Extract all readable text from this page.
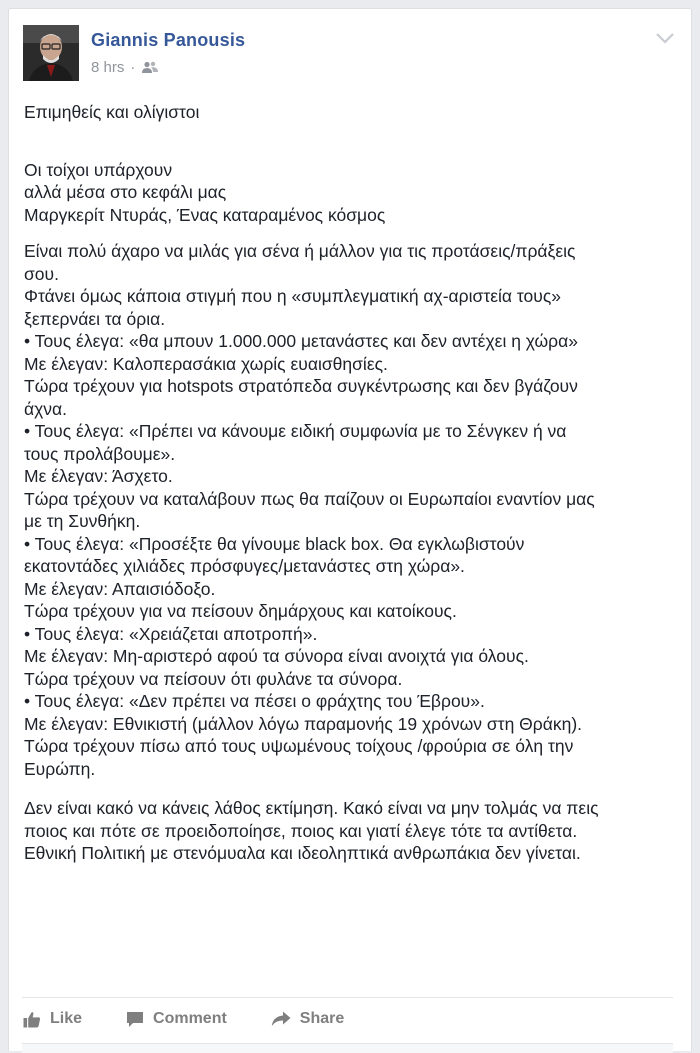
Giannis Panousis
8 hrs ·
Επιμηθείς και ολίγιστοι
Οι τοίχοι υπάρχουν
αλλά μέσα στο κεφάλι μας
Μαργκερίτ Ντυράς, Ένας καταραμένος κόσμος
Είναι πολύ άχαρο να μιλάς για σένα ή μάλλον για τις προτάσεις/πράξεις
σου.
Φτάνει όμως κάποια στιγμή που η «συμπλεγματική αχ-αριστεία τους»
ξεπερνάει τα όρια.
• Τους έλεγα: «θα μπουν 1.000.000 μετανάστες και δεν αντέχει η χώρα»
Με έλεγαν: Καλοπερασάκια χωρίς ευαισθησίες.
Τώρα τρέχουν για hotspots στρατόπεδα συγκέντρωσης και δεν βγάζουν
άχνα.
• Τους έλεγα: «Πρέπει να κάνουμε ειδική συμφωνία με το Σένγκεν ή να
τους προλάβουμε».
Με έλεγαν: Άσχετο.
Τώρα τρέχουν να καταλάβουν πως θα παίζουν οι Ευρωπαίοι εναντίον μας
με τη Συνθήκη.
• Τους έλεγα: «Προσέξτε θα γίνουμε black box. Θα εγκλωβιστούν
εκατοντάδες χιλιάδες πρόσφυγες/μετανάστες στη χώρα».
Με έλεγαν: Απαισιόδοξο.
Τώρα τρέχουν για να πείσουν δημάρχους και κατοίκους.
• Τους έλεγα: «Χρειάζεται αποτροπή».
Με έλεγαν: Μη-αριστερό αφού τα σύνορα είναι ανοιχτά για όλους.
Τώρα τρέχουν να πείσουν ότι φυλάνε τα σύνορα.
• Τους έλεγα: «Δεν πρέπει να πέσει ο φράχτης του Έβρου».
Με έλεγαν: Εθνικιστή (μάλλον λόγω παραμονής 19 χρόνων στη Θράκη).
Τώρα τρέχουν πίσω από τους υψωμένους τοίχους /φρούρια σε όλη την
Ευρώπη.
Δεν είναι κακό να κάνεις λάθος εκτίμηση. Κακό είναι να μην τολμάς να πεις
ποιος και πότε σε προειδοποίησε, ποιος και γιατί έλεγε τότε τα αντίθετα.
Εθνική Πολιτική με στενόμυαλα και ιδεοληπτικά ανθρωπάκια δεν γίνεται.
Like	Comment	Share
